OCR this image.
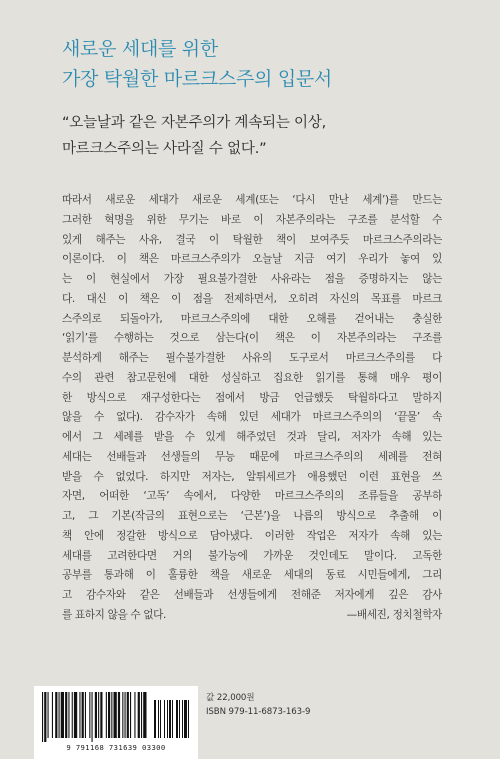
새로운 세대를 위한
가장 탁월한 마르크스주의 입문서
“오늘날과 같은 자본주의가 계속되는 이상,
마르크스주의는 사라질 수 없다.”
따라서 새로운 세대가 새로운 세계(또는 ‘다시 만난 세계’)를 만드는
그러한 혁명을 위한 무기는 바로 이 자본주의라는 구조를 분석할 수
있게 해주는 사유, 결국 이 탁월한 책이 보여주듯 마르크스주의라는
이론이다. 이 책은 마르크스주의가 오늘날 지금 여기 우리가 놓여 있
는 이 현실에서 가장 필요불가결한 사유라는 점을 증명하지는 않는
다. 대신 이 책은 이 점을 전제하면서, 오히려 자신의 목표를 마르크
스주의로 되돌아가, 마르크스주의에 대한 오해를 걷어내는 충실한
‘읽기’를 수행하는 것으로 삼는다(이 책은 이 자본주의라는 구조를
분석하게 해주는 필수불가결한 사유의 도구로서 마르크스주의를 다
수의 관련 참고문헌에 대한 성실하고 집요한 읽기를 통해 매우 평이
한 방식으로 재구성한다는 점에서 방금 언급했듯 탁월하다고 말하지
않을 수 없다). 감수자가 속해 있던 세대가 마르크스주의의 ‘끝물’ 속
에서 그 세례를 받을 수 있게 해주었던 것과 달리, 저자가 속해 있는
세대는 선배들과 선생들의 무능 때문에 마르크스주의의 세례를 전혀
받을 수 없었다. 하지만 저자는, 알튀세르가 애용했던 이런 표현을 쓰
자면, 어떠한 ‘고독’ 속에서, 다양한 마르크스주의의 조류들을 공부하
고, 그 기본(작금의 표현으로는 ‘근본’)을 나름의 방식으로 추출해 이
책 안에 정갈한 방식으로 담아냈다. 이러한 작업은 저자가 속해 있는
세대를 고려한다면 거의 불가능에 가까운 것인데도 말이다. 고독한
공부를 통과해 이 훌륭한 책을 새로운 세대의 동료 시민들에게, 그리
고 감수자와 같은 선배들과 선생들에게 전해준 저자에게 깊은 감사
를 표하지 않을 수 없다.	—배세진, 정치철학자
9 791168 731639 03300
값 22,000원
ISBN 979-11-6873-163-9
